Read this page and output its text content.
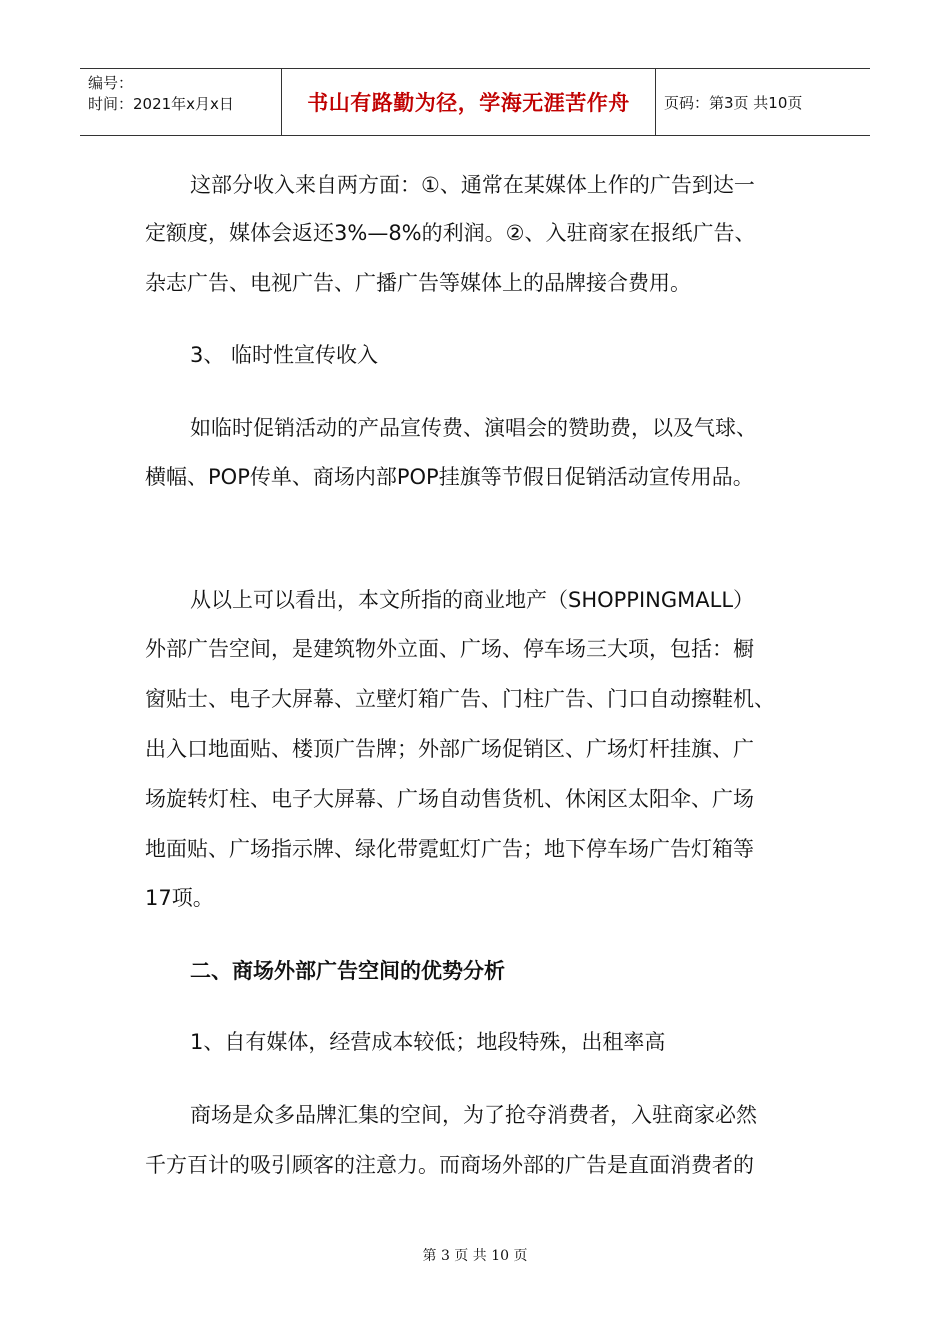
编号：
时间：2021年x月x日	书山有路勤为径，学海无涯苦作舟 页码：第3页 共10页
这部分收入来自两方面：①、通常在某媒体上作的广告到达一
定额度，媒体会返还3%—8%的利润。②、入驻商家在报纸广告、
杂志广告、电视广告、广播广告等媒体上的品牌接合费用。
3、 临时性宣传收入
如临时促销活动的产品宣传费、演唱会的赞助费，以及气球、
横幅、POP传单、商场内部POP挂旗等节假日促销活动宣传用品。
从以上可以看出，本文所指的商业地产（SHOPPINGMALL）
外部广告空间，是建筑物外立面、广场、停车场三大项，包括：橱
窗贴士、电子大屏幕、立壁灯箱广告、门柱广告、门口自动擦鞋机、
出入口地面贴、楼顶广告牌；外部广场促销区、广场灯杆挂旗、广
场旋转灯柱、电子大屏幕、广场自动售货机、休闲区太阳伞、广场
地面贴、广场指示牌、绿化带霓虹灯广告；地下停车场广告灯箱等
17项。
二、商场外部广告空间的优势分析
1、自有媒体，经营成本较低；地段特殊，出租率高
商场是众多品牌汇集的空间，为了抢夺消费者，入驻商家必然
千方百计的吸引顾客的注意力。而商场外部的广告是直面消费者的
第 3 页 共 10 页
